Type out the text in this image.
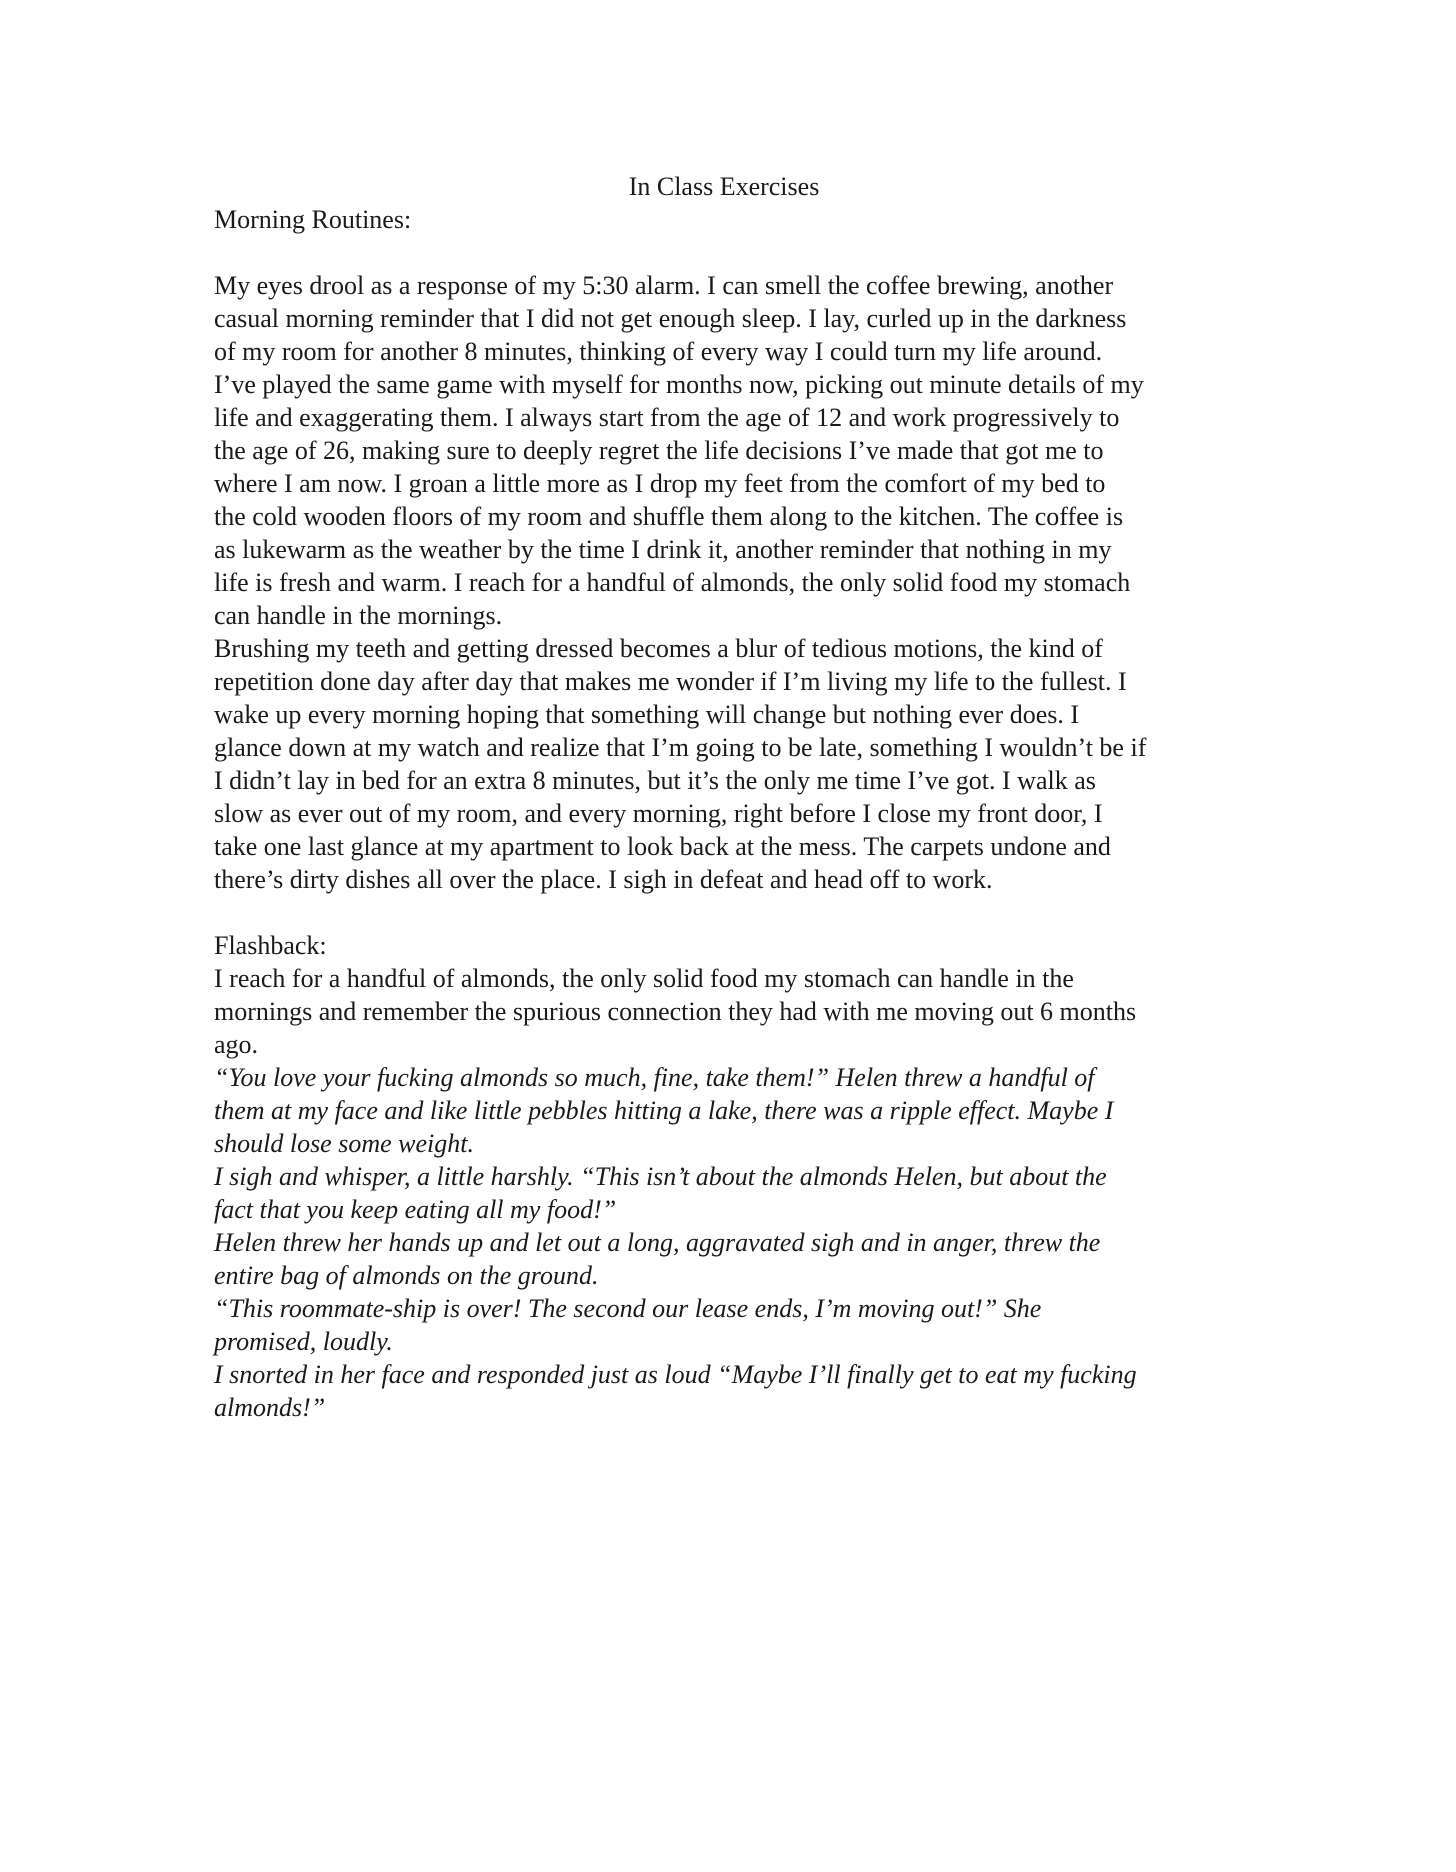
In Class Exercises

Morning Routines:

My eyes drool as a response of my 5:30 alarm. I can smell the coffee brewing, another
casual morning reminder that I did not get enough sleep. I lay, curled up in the darkness
of my room for another 8 minutes, thinking of every way I could turn my life around.
I’ve played the same game with myself for months now, picking out minute details of my
life and exaggerating them. I always start from the age of 12 and work progressively to
the age of 26, making sure to deeply regret the life decisions I’ve made that got me to
where I am now. I groan a little more as I drop my feet from the comfort of my bed to
the cold wooden floors of my room and shuffle them along to the kitchen. The coffee is
as lukewarm as the weather by the time I drink it, another reminder that nothing in my
life is fresh and warm. I reach for a handful of almonds, the only solid food my stomach
can handle in the mornings.
Brushing my teeth and getting dressed becomes a blur of tedious motions, the kind of
repetition done day after day that makes me wonder if I’m living my life to the fullest. I
wake up every morning hoping that something will change but nothing ever does. I
glance down at my watch and realize that I’m going to be late, something I wouldn’t be if
I didn’t lay in bed for an extra 8 minutes, but it’s the only me time I’ve got. I walk as
slow as ever out of my room, and every morning, right before I close my front door, I
take one last glance at my apartment to look back at the mess. The carpets undone and
there’s dirty dishes all over the place. I sigh in defeat and head off to work.

Flashback:

I reach for a handful of almonds, the only solid food my stomach can handle in the
mornings and remember the spurious connection they had with me moving out 6 months
ago.
“You love your fucking almonds so much, fine, take them!” Helen threw a handful of
them at my face and like little pebbles hitting a lake, there was a ripple effect. Maybe I
should lose some weight.
I sigh and whisper, a little harshly. “This isn’t about the almonds Helen, but about the
fact that you keep eating all my food!”
Helen threw her hands up and let out a long, aggravated sigh and in anger, threw the
entire bag of almonds on the ground.
“This roommate-ship is over! The second our lease ends, I’m moving out!” She
promised, loudly.
I snorted in her face and responded just as loud “Maybe I’ll finally get to eat my fucking
almonds!”
